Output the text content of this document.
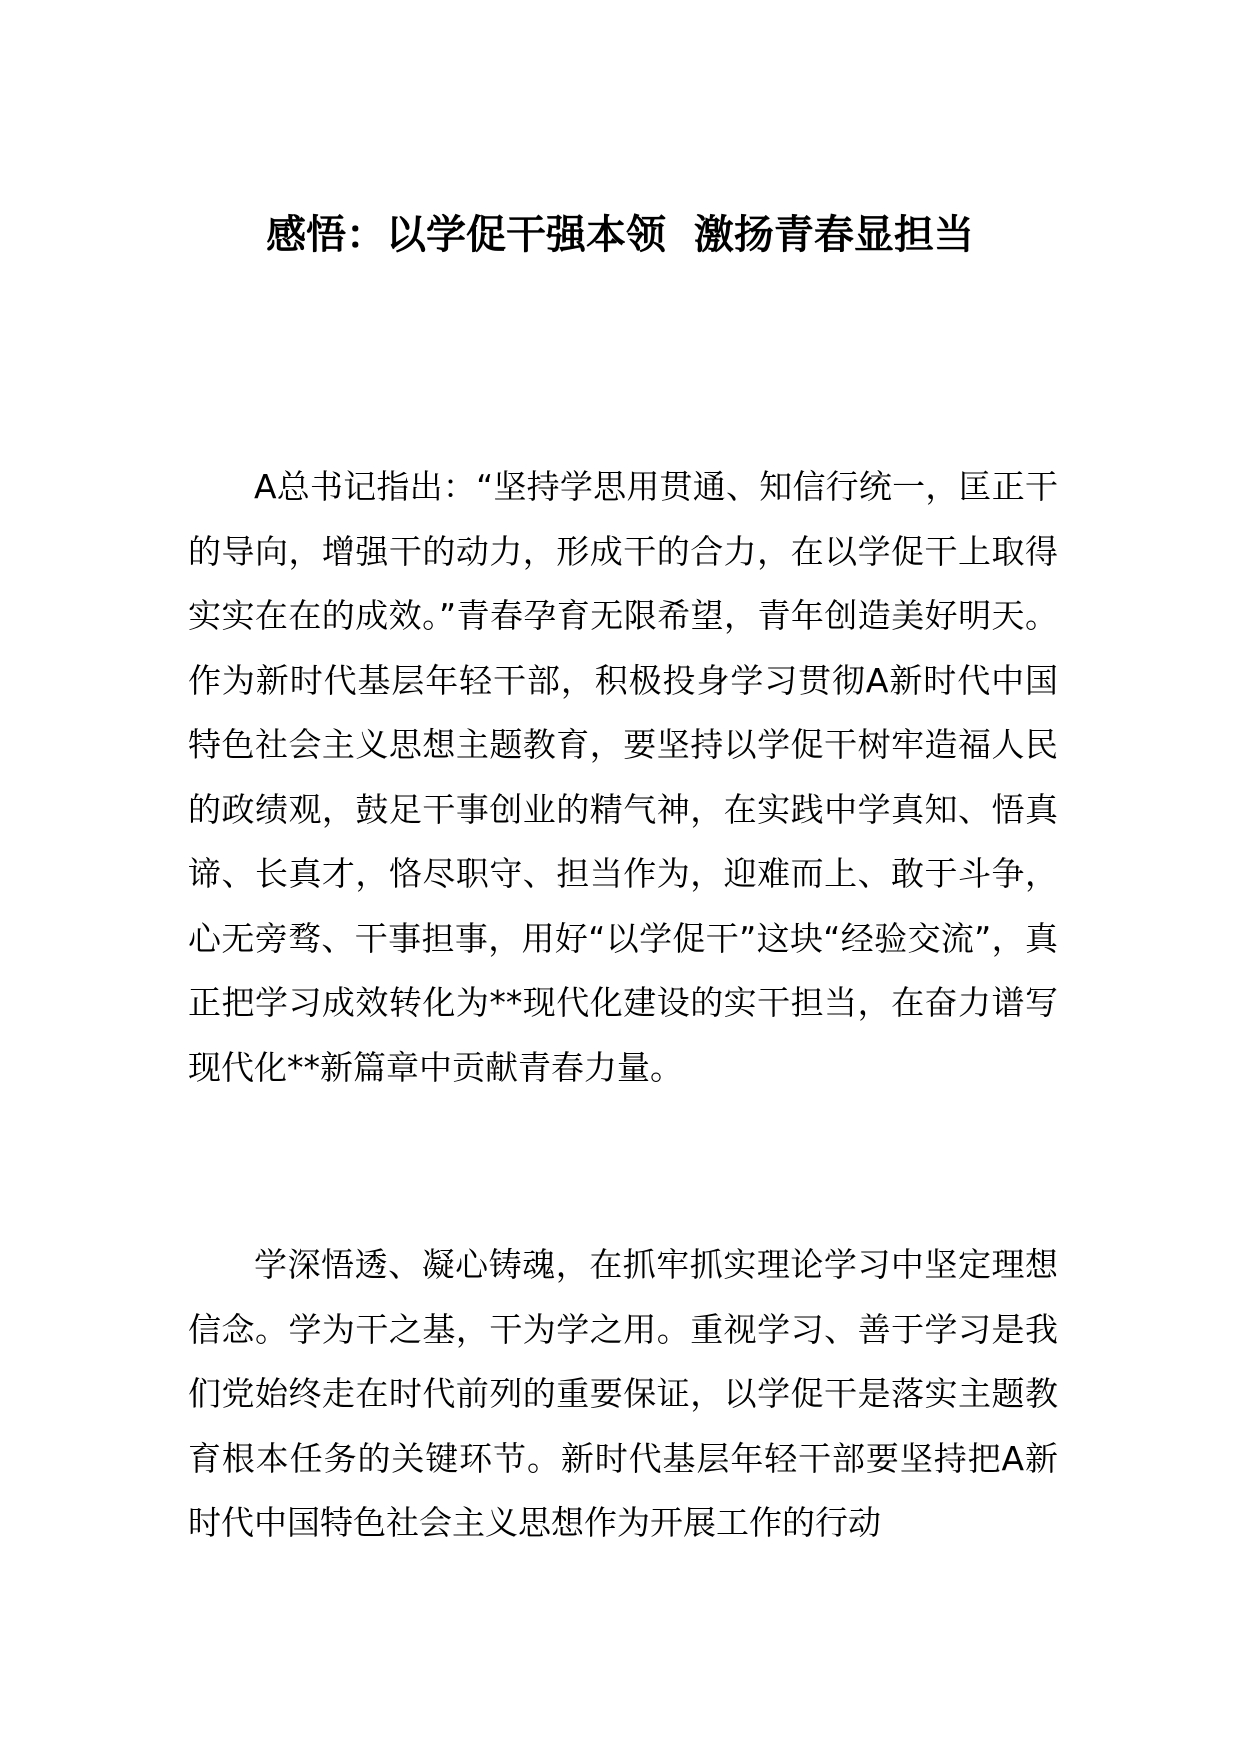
感悟：以学促干强本领  激扬青春显担当

A总书记指出：“坚持学思用贯通、知信行统一，匡正干的导向，增强干的动力，形成干的合力，在以学促干上取得实实在在的成效。”青春孕育无限希望，青年创造美好明天。作为新时代基层年轻干部，积极投身学习贯彻A新时代中国特色社会主义思想主题教育，要坚持以学促干树牢造福人民的政绩观，鼓足干事创业的精气神，在实践中学真知、悟真谛、长真才，恪尽职守、担当作为，迎难而上、敢于斗争，心无旁骛、干事担事，用好“以学促干”这块“经验交流”，真正把学习成效转化为**现代化建设的实干担当，在奋力谱写现代化**新篇章中贡献青春力量。

学深悟透、凝心铸魂，在抓牢抓实理论学习中坚定理想信念。学为干之基，干为学之用。重视学习、善于学习是我们党始终走在时代前列的重要保证，以学促干是落实主题教育根本任务的关键环节。新时代基层年轻干部要坚持把A新时代中国特色社会主义思想作为开展工作的行动
